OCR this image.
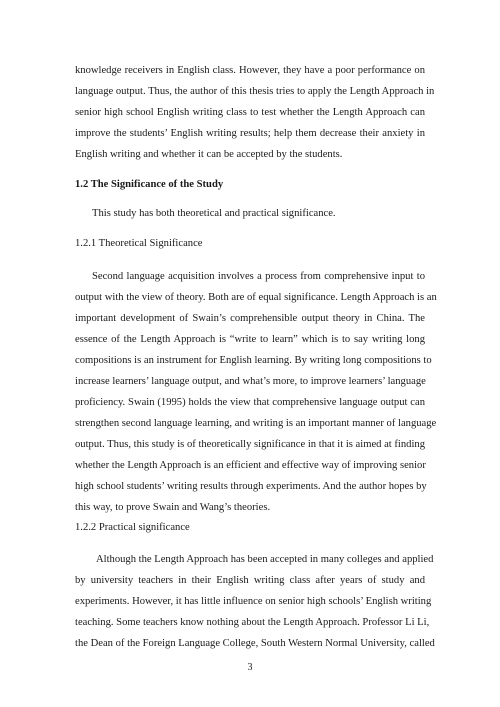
knowledge receivers in English class. However, they have a poor performance on
language output. Thus, the author of this thesis tries to apply the Length Approach in
senior high school English writing class to test whether the Length Approach can
improve the students’ English writing results; help them decrease their anxiety in
English writing and whether it can be accepted by the students.
1.2 The Significance of the Study
This study has both theoretical and practical significance.
1.2.1 Theoretical Significance
Second language acquisition involves a process from comprehensive input to
output with the view of theory. Both are of equal significance. Length Approach is an
important development of Swain’s comprehensible output theory in China. The
essence of the Length Approach is “write to learn” which is to say writing long
compositions is an instrument for English learning. By writing long compositions to
increase learners’ language output, and what’s more, to improve learners’ language
proficiency. Swain (1995) holds the view that comprehensive language output can
strengthen second language learning, and writing is an important manner of language
output. Thus, this study is of theoretically significance in that it is aimed at finding
whether the Length Approach is an efficient and effective way of improving senior
high school students’ writing results through experiments. And the author hopes by
this way, to prove Swain and Wang’s theories.
1.2.2 Practical significance
Although the Length Approach has been accepted in many colleges and applied
by university teachers in their English writing class after years of study and
experiments. However, it has little influence on senior high schools’ English writing
teaching. Some teachers know nothing about the Length Approach. Professor Li Li,
the Dean of the Foreign Language College, South Western Normal University, called
3
